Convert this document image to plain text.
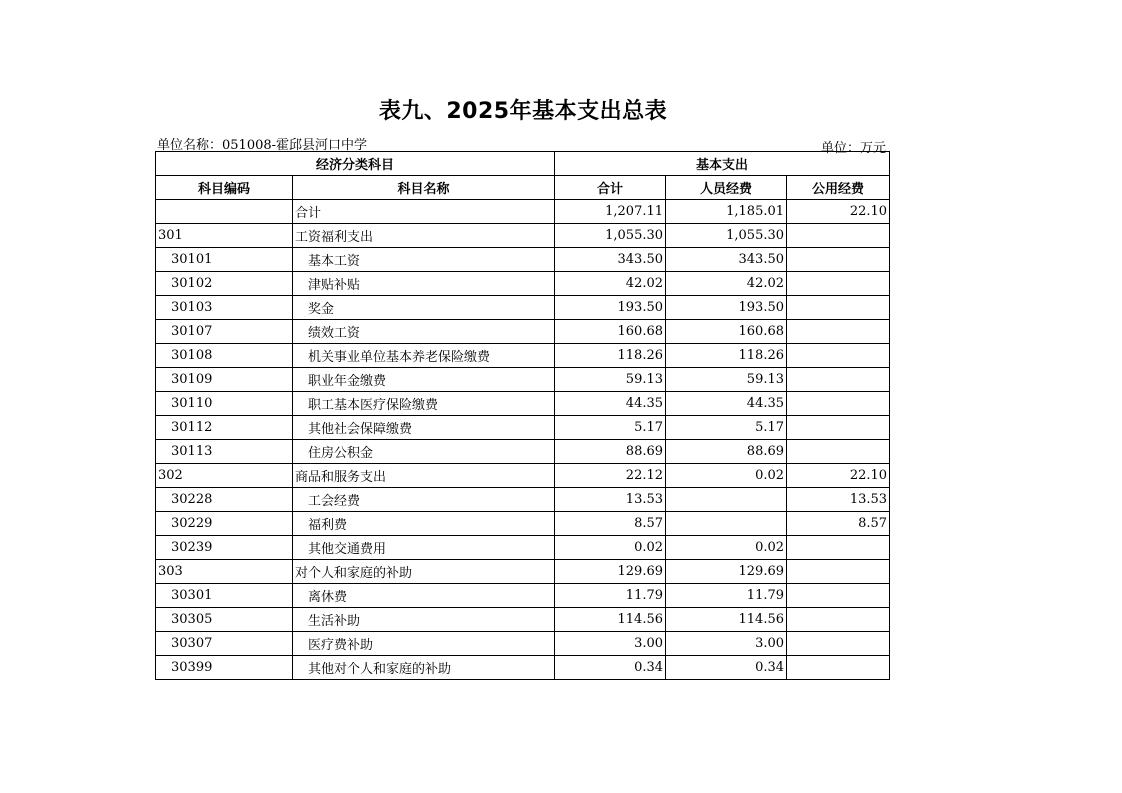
表九、2025年基本支出总表
单位名称：051008-霍邱县河口中学	单位：万元
经济分类科目		基本支出		
科目编码	科目名称	合计	人员经费	公用经费
	合计	1,207.11	1,185.01	22.10
301	工资福利支出	1,055.30	1,055.30	
30101	基本工资	343.50	343.50	
30102	津贴补贴	42.02	42.02	
30103	奖金	193.50	193.50	
30107	绩效工资	160.68	160.68	
30108	机关事业单位基本养老保险缴费	118.26	118.26	
30109	职业年金缴费	59.13	59.13	
30110	职工基本医疗保险缴费	44.35	44.35	
30112	其他社会保障缴费	5.17	5.17	
30113	住房公积金	88.69	88.69	
302	商品和服务支出	22.12	0.02	22.10
30228	工会经费	13.53		13.53
30229	福利费	8.57		8.57
30239	其他交通费用	0.02	0.02	
303	对个人和家庭的补助	129.69	129.69	
30301	离休费	11.79	11.79	
30305	生活补助	114.56	114.56	
30307	医疗费补助	3.00	3.00	
30399	其他对个人和家庭的补助	0.34	0.34	
